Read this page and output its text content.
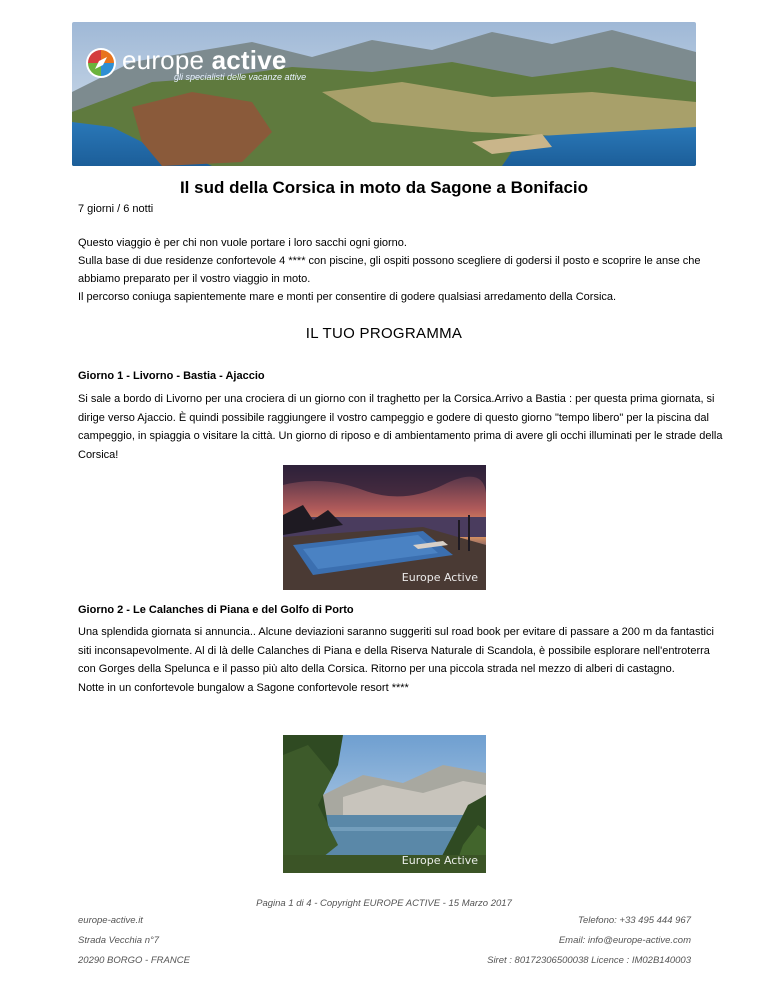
europe active
gli specialisti delle vacanze attive
Il sud della Corsica in moto da Sagone a Bonifacio
7 giorni / 6 notti

Questo viaggio è per chi non vuole portare i loro sacchi ogni giorno.

Sulla base di due residenze confortevole 4 **** con piscine, gli ospiti possono scegliere di godersi il posto e scoprire le anse che abbiamo preparato per il vostro viaggio in moto.

Il percorso coniuga sapientemente mare e monti per consentire di godere qualsiasi arredamento della Corsica.

IL TUO PROGRAMMA

Giorno 1 - Livorno - Bastia - Ajaccio

Si sale a bordo di Livorno per una crociera di un giorno con il traghetto per la Corsica.Arrivo a Bastia : per questa prima giornata, si dirige verso Ajaccio. È quindi possibile raggiungere il vostro campeggio e godere di questo giorno "tempo libero" per la piscina dal campeggio, in spiaggia o visitare la città. Un giorno di riposo e di ambientamento prima di avere gli occhi illuminati per le strade della Corsica!

Europe Active

Giorno 2 - Le Calanches di Piana e del Golfo di Porto

Una splendida giornata si annuncia.. Alcune deviazioni saranno suggeriti sul road book per evitare di passare a 200 m da fantastici siti inconsapevolmente. Al di là delle Calanches di Piana e della Riserva Naturale di Scandola, è possibile esplorare nell'entroterra con Gorges della Spelunca e il passo più alto della Corsica. Ritorno per una piccola strada nel mezzo di alberi di castagno.

Notte in un confortevole bungalow a Sagone confortevole resort ****

Europe Active
Pagina 1 di 4 - Copyright EUROPE ACTIVE - 15 Marzo 2017
europe-active.it
Strada Vecchia n°7
20290 BORGO - FRANCE
Telefono: +33 495 444 967
Email: info@europe-active.com
Siret : 80172306500038 Licence : IM02B140003
